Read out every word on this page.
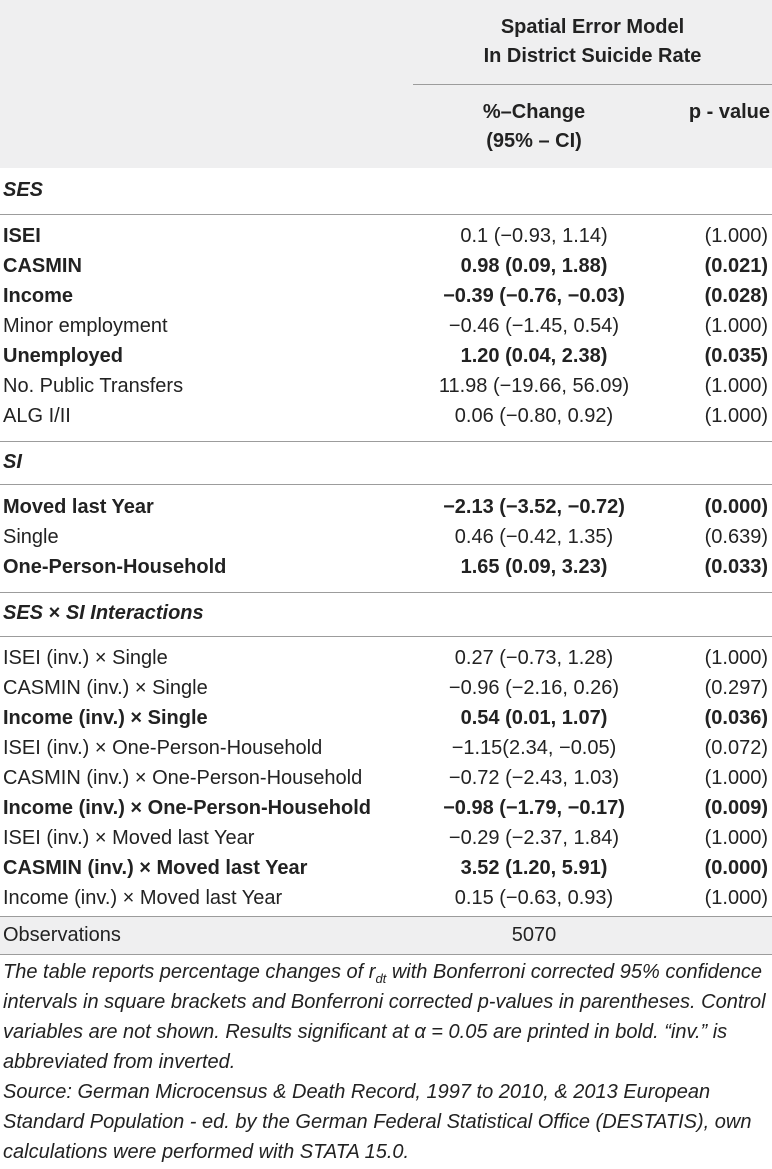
Spatial Error Model
In District Suicide Rate
%–Change
(95% – CI)
p - value
SES
ISEI	0.1 (−0.93, 1.14)	(1.000)
CASMIN	0.98 (0.09, 1.88)	(0.021)
Income	−0.39 (−0.76, −0.03)	(0.028)
Minor employment	−0.46 (−1.45, 0.54)	(1.000)
Unemployed	1.20 (0.04, 2.38)	(0.035)
No. Public Transfers	11.98 (−19.66, 56.09)	(1.000)
ALG I/II	0.06 (−0.80, 0.92)	(1.000)
SI
Moved last Year	−2.13 (−3.52, −0.72)	(0.000)
Single	0.46 (−0.42, 1.35)	(0.639)
One-Person-Household	1.65 (0.09, 3.23)	(0.033)
SES × SI Interactions
ISEI (inv.) × Single	0.27 (−0.73, 1.28)	(1.000)
CASMIN (inv.) × Single	−0.96 (−2.16, 0.26)	(0.297)
Income (inv.) × Single	0.54 (0.01, 1.07)	(0.036)
ISEI (inv.) × One-Person-Household	−1.15(2.34, −0.05)	(0.072)
CASMIN (inv.) × One-Person-Household	−0.72 (−2.43, 1.03)	(1.000)
Income (inv.) × One-Person-Household	−0.98 (−1.79, −0.17)	(0.009)
ISEI (inv.) × Moved last Year	−0.29 (−2.37, 1.84)	(1.000)
CASMIN (inv.) × Moved last Year	3.52 (1.20, 5.91)	(0.000)
Income (inv.) × Moved last Year	0.15 (−0.63, 0.93)	(1.000)
Observations	5070

The table reports percentage changes of $r_{dt}$ with Bonferroni corrected 95% confidence intervals in square brackets and Bonferroni corrected p-values in parentheses. Control variables are not shown. Results significant at α = 0.05 are printed in bold. “inv.” is abbreviated from inverted.

Source: German Microcensus & Death Record, 1997 to 2010, & 2013 European Standard Population - ed. by the German Federal Statistical Office (DESTATIS), own calculations were performed with STATA 15.0.
